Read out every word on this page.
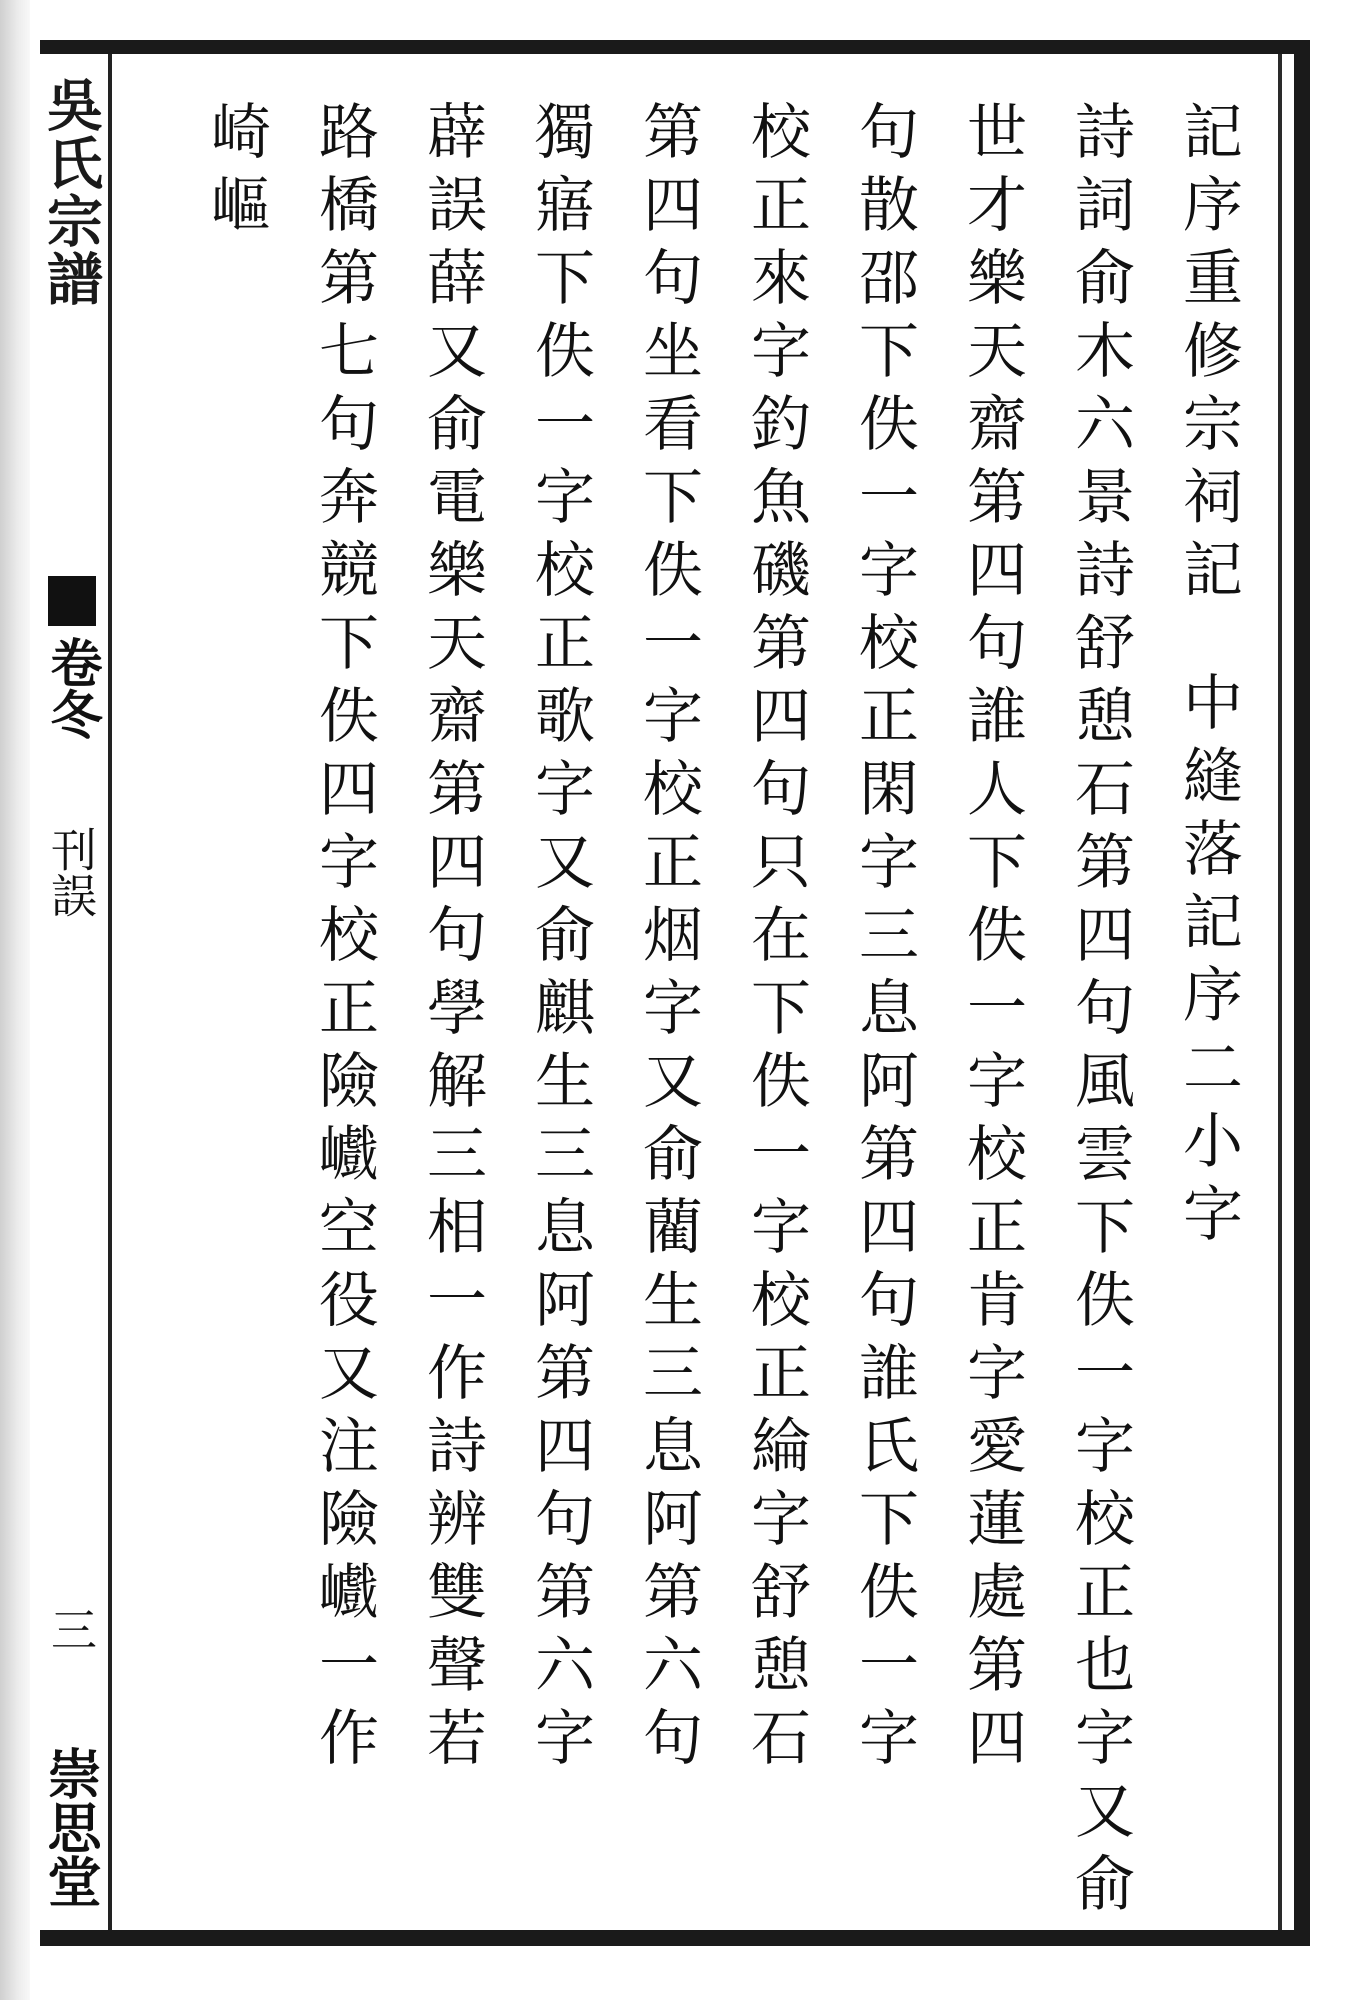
吳氏宗譜
卷冬
刊誤
三
崇思堂
記序重修宗祠記中縫落記序二小字
詩詞俞木六景詩舒憩石第四句風雲下佚一字校正也字又俞
世才樂天齋第四句誰人下佚一字校正肯字愛蓮處第四
句散邵下佚一字校正閑字三息阿第四句誰氏下佚一字
校正來字釣魚磯第四句只在下佚一字校正綸字舒憩石
第四句坐看下佚一字校正烟字又俞藺生三息阿第六句
獨寤下佚一字校正歌字又俞麒生三息阿第四句第六字
薜誤薛又俞電樂天齋第四句學解三相一作詩辨雙聲若
路橋第七句奔競下佚四字校正險巇空役又注險巇一作
崎嶇
